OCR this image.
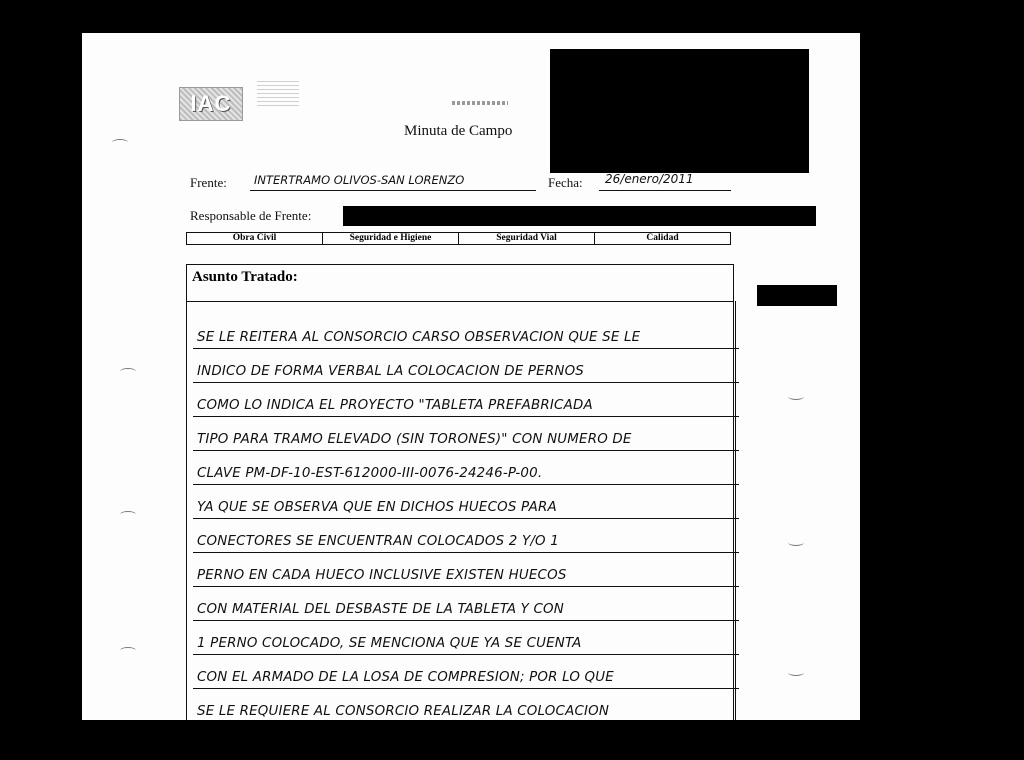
IAC
Minuta de Campo
Frente: INTERTRAMO OLIVOS-SAN LORENZO	Fecha: 26/enero/2011
Responsable de Frente:
Obra Civil	Seguridad e Higiene	Seguridad Vial	Calidad
Asunto Tratado:
SE LE REITERA AL CONSORCIO CARSO OBSERVACION QUE SE LE
INDICO DE FORMA VERBAL LA COLOCACION DE PERNOS
COMO LO INDICA EL PROYECTO "TABLETA PREFABRICADA
TIPO PARA TRAMO ELEVADO (SIN TORONES)" CON NUMERO DE
CLAVE PM-DF-10-EST-612000-III-0076-24246-P-00.
YA QUE SE OBSERVA QUE EN DICHOS HUECOS PARA
CONECTORES SE ENCUENTRAN COLOCADOS 2 Y/O 1
PERNO EN CADA HUECO INCLUSIVE EXISTEN HUECOS
CON MATERIAL DEL DESBASTE DE LA TABLETA Y CON
1 PERNO COLOCADO, SE MENCIONA QUE YA SE CUENTA
CON EL ARMADO DE LA LOSA DE COMPRESION; POR LO QUE
SE LE REQUIERE AL CONSORCIO REALIZAR LA COLOCACION
